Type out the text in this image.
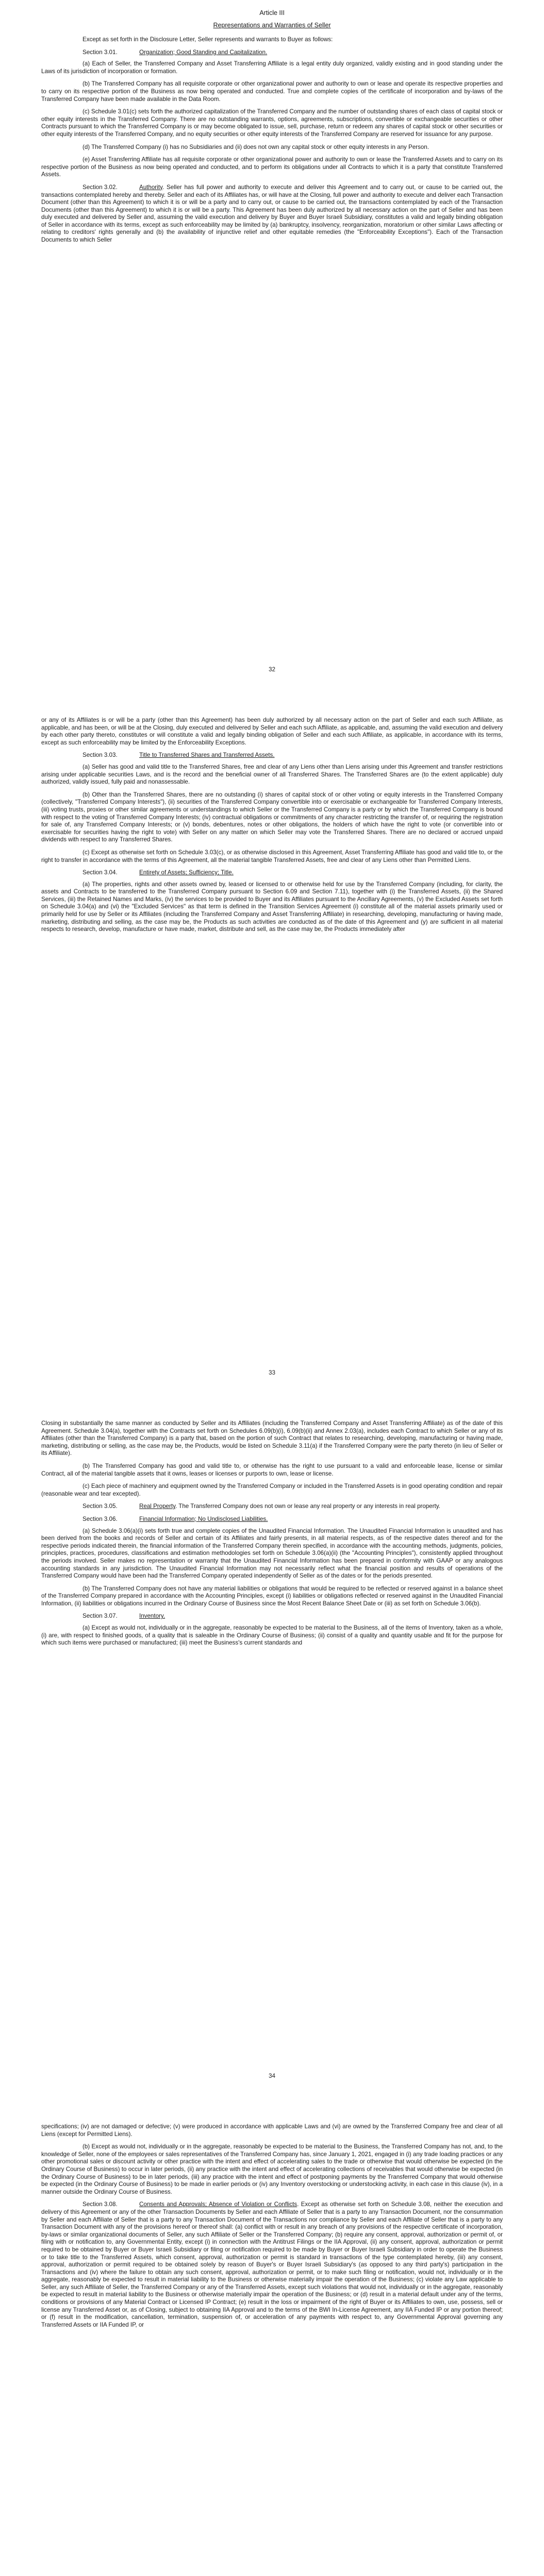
Article III
Representations and Warranties of Seller

Except as set forth in the Disclosure Letter, Seller represents and warrants to Buyer as follows:

Section 3.01.	Organization; Good Standing and Capitalization.

(a) Each of Seller, the Transferred Company and Asset Transferring Affiliate is a legal entity duly organized, validly existing and in good standing under the Laws of its jurisdiction of incorporation or formation.

(b) The Transferred Company has all requisite corporate or other organizational power and authority to own or lease and operate its respective properties and to carry on its respective portion of the Business as now being operated and conducted. True and complete copies of the certificate of incorporation and by-laws of the Transferred Company have been made available in the Data Room.

(c) Schedule 3.01(c) sets forth the authorized capitalization of the Transferred Company and the number of outstanding shares of each class of capital stock or other equity interests in the Transferred Company. There are no outstanding warrants, options, agreements, subscriptions, convertible or exchangeable securities or other Contracts pursuant to which the Transferred Company is or may become obligated to issue, sell, purchase, return or redeem any shares of capital stock or other securities or other equity interests of the Transferred Company, and no equity securities or other equity interests of the Transferred Company are reserved for issuance for any purpose.

(d) The Transferred Company (i) has no Subsidiaries and (ii) does not own any capital stock or other equity interests in any Person.

(e) Asset Transferring Affiliate has all requisite corporate or other organizational power and authority to own or lease the Transferred Assets and to carry on its respective portion of the Business as now being operated and conducted, and to perform its obligations under all Contracts to which it is a party that constitute Transferred Assets.

Section 3.02.	Authority. Seller has full power and authority to execute and deliver this Agreement and to carry out, or cause to be carried out, the transactions contemplated hereby and thereby. Seller and each of its Affiliates has, or will have at the Closing, full power and authority to execute and deliver each Transaction Document (other than this Agreement) to which it is or will be a party and to carry out, or cause to be carried out, the transactions contemplated by each of the Transaction Documents (other than this Agreement) to which it is or will be a party. This Agreement has been duly authorized by all necessary action on the part of Seller and has been duly executed and delivered by Seller and, assuming the valid execution and delivery by Buyer and Buyer Israeli Subsidiary, constitutes a valid and legally binding obligation of Seller in accordance with its terms, except as such enforceability may be limited by (a) bankruptcy, insolvency, reorganization, moratorium or other similar Laws affecting or relating to creditors' rights generally and (b) the availability of injunctive relief and other equitable remedies (the "Enforceability Exceptions"). Each of the Transaction Documents to which Seller

32

or any of its Affiliates is or will be a party (other than this Agreement) has been duly authorized by all necessary action on the part of Seller and each such Affiliate, as applicable, and has been, or will be at the Closing, duly executed and delivered by Seller and each such Affiliate, as applicable, and, assuming the valid execution and delivery by each other party thereto, constitutes or will constitute a valid and legally binding obligation of Seller and each such Affiliate, as applicable, in accordance with its terms, except as such enforceability may be limited by the Enforceability Exceptions.

Section 3.03.	Title to Transferred Shares and Transferred Assets.

(a) Seller has good and valid title to the Transferred Shares, free and clear of any Liens other than Liens arising under this Agreement and transfer restrictions arising under applicable securities Laws, and is the record and the beneficial owner of all Transferred Shares. The Transferred Shares are (to the extent applicable) duly authorized, validly issued, fully paid and nonassessable.

(b) Other than the Transferred Shares, there are no outstanding (i) shares of capital stock of or other voting or equity interests in the Transferred Company (collectively, "Transferred Company Interests"), (ii) securities of the Transferred Company convertible into or exercisable or exchangeable for Transferred Company Interests, (iii) voting trusts, proxies or other similar agreements or understandings to which Seller or the Transferred Company is a party or by which the Transferred Company is bound with respect to the voting of Transferred Company Interests; (iv) contractual obligations or commitments of any character restricting the transfer of, or requiring the registration for sale of, any Transferred Company Interests; or (v) bonds, debentures, notes or other obligations, the holders of which have the right to vote (or convertible into or exercisable for securities having the right to vote) with Seller on any matter on which Seller may vote the Transferred Shares. There are no declared or accrued unpaid dividends with respect to any Transferred Shares.

(c) Except as otherwise set forth on Schedule 3.03(c), or as otherwise disclosed in this Agreement, Asset Transferring Affiliate has good and valid title to, or the right to transfer in accordance with the terms of this Agreement, all the material tangible Transferred Assets, free and clear of any Liens other than Permitted Liens.

Section 3.04.	Entirety of Assets; Sufficiency; Title.

(a) The properties, rights and other assets owned by, leased or licensed to or otherwise held for use by the Transferred Company (including, for clarity, the assets and Contracts to be transferred to the Transferred Company pursuant to Section 6.09 and Section 7.11), together with (i) the Transferred Assets, (ii) the Shared Services, (iii) the Retained Names and Marks, (iv) the services to be provided to Buyer and its Affiliates pursuant to the Ancillary Agreements, (v) the Excluded Assets set forth on Schedule 3.04(a) and (vi) the "Excluded Services" as that term is defined in the Transition Services Agreement (i) constitute all of the material assets primarily used or primarily held for use by Seller or its Affiliates (including the Transferred Company and Asset Transferring Affiliate) in researching, developing, manufacturing or having made, marketing, distributing and selling, as the case may be, the Products as such activities are conducted as of the date of this Agreement and (y) are sufficient in all material respects to research, develop, manufacture or have made, market, distribute and sell, as the case may be, the Products immediately after

33

Closing in substantially the same manner as conducted by Seller and its Affiliates (including the Transferred Company and Asset Transferring Affiliate) as of the date of this Agreement. Schedule 3.04(a), together with the Contracts set forth on Schedules 6.09(b)(i), 6.09(b)(ii) and Annex 2.03(a), includes each Contract to which Seller or any of its Affiliates (other than the Transferred Company) is a party that, based on the portion of such Contract that relates to researching, developing, manufacturing or having made, marketing, distributing or selling, as the case may be, the Products, would be listed on Schedule 3.11(a) if the Transferred Company were the party thereto (in lieu of Seller or its Affiliate).

(b) The Transferred Company has good and valid title to, or otherwise has the right to use pursuant to a valid and enforceable lease, license or similar Contract, all of the material tangible assets that it owns, leases or licenses or purports to own, lease or license.

(c) Each piece of machinery and equipment owned by the Transferred Company or included in the Transferred Assets is in good operating condition and repair (reasonable wear and tear excepted).

Section 3.05.	Real Property. The Transferred Company does not own or lease any real property or any interests in real property.

Section 3.06.	Financial Information; No Undisclosed Liabilities.

(a) Schedule 3.06(a)(i) sets forth true and complete copies of the Unaudited Financial Information. The Unaudited Financial Information is unaudited and has been derived from the books and records of Seller and certain of its Affiliates and fairly presents, in all material respects, as of the respective dates thereof and for the respective periods indicated therein, the financial information of the Transferred Company therein specified, in accordance with the accounting methods, judgments, policies, principles, practices, procedures, classifications and estimation methodologies set forth on Schedule 3.06(a)(ii) (the "Accounting Principles"), consistently applied throughout the periods involved. Seller makes no representation or warranty that the Unaudited Financial Information has been prepared in conformity with GAAP or any analogous accounting standards in any jurisdiction. The Unaudited Financial Information may not necessarily reflect what the financial position and results of operations of the Transferred Company would have been had the Transferred Company operated independently of Seller as of the dates or for the periods presented.

(b) The Transferred Company does not have any material liabilities or obligations that would be required to be reflected or reserved against in a balance sheet of the Transferred Company prepared in accordance with the Accounting Principles, except (i) liabilities or obligations reflected or reserved against in the Unaudited Financial Information, (ii) liabilities or obligations incurred in the Ordinary Course of Business since the Most Recent Balance Sheet Date or (iii) as set forth on Schedule 3.06(b).

Section 3.07.	Inventory.

(a) Except as would not, individually or in the aggregate, reasonably be expected to be material to the Business, all of the items of Inventory, taken as a whole, (i) are, with respect to finished goods, of a quality that is saleable in the Ordinary Course of Business; (ii) consist of a quality and quantity usable and fit for the purpose for which such items were purchased or manufactured; (iii) meet the Business's current standards and

34

specifications; (iv) are not damaged or defective; (v) were produced in accordance with applicable Laws and (vi) are owned by the Transferred Company free and clear of all Liens (except for Permitted Liens).

(b) Except as would not, individually or in the aggregate, reasonably be expected to be material to the Business, the Transferred Company has not, and, to the knowledge of Seller, none of the employees or sales representatives of the Transferred Company has, since January 1, 2021, engaged in (i) any trade loading practices or any other promotional sales or discount activity or other practice with the intent and effect of accelerating sales to the trade or otherwise that would otherwise be expected (in the Ordinary Course of Business) to occur in later periods, (ii) any practice with the intent and effect of accelerating collections of receivables that would otherwise be expected (in the Ordinary Course of Business) to be in later periods, (iii) any practice with the intent and effect of postponing payments by the Transferred Company that would otherwise be expected (in the Ordinary Course of Business) to be made in earlier periods or (iv) any Inventory overstocking or understocking activity, in each case in this clause (iv), in a manner outside the Ordinary Course of Business.

Section 3.08.	Consents and Approvals; Absence of Violation or Conflicts. Except as otherwise set forth on Schedule 3.08, neither the execution and delivery of this Agreement or any of the other Transaction Documents by Seller and each Affiliate of Seller that is a party to any Transaction Document, nor the consummation by Seller and each Affiliate of Seller that is a party to any Transaction Document of the Transactions nor compliance by Seller and each Affiliate of Seller that is a party to any Transaction Document with any of the provisions hereof or thereof shall: (a) conflict with or result in any breach of any provisions of the respective certificate of incorporation, by-laws or similar organizational documents of Seller, any such Affiliate of Seller or the Transferred Company; (b) require any consent, approval, authorization or permit of, or filing with or notification to, any Governmental Entity, except (i) in connection with the Antitrust Filings or the IIA Approval, (ii) any consent, approval, authorization or permit required to be obtained by Buyer or Buyer Israeli Subsidiary or filing or notification required to be made by Buyer or Buyer Israeli Subsidiary in order to operate the Business or to take title to the Transferred Assets, which consent, approval, authorization or permit is standard in transactions of the type contemplated hereby, (iii) any consent, approval, authorization or permit required to be obtained solely by reason of Buyer's or Buyer Israeli Subsidiary's (as opposed to any third party's) participation in the Transactions and (iv) where the failure to obtain any such consent, approval, authorization or permit, or to make such filing or notification, would not, individually or in the aggregate, reasonably be expected to result in material liability to the Business or otherwise materially impair the operation of the Business; (c) violate any Law applicable to Seller, any such Affiliate of Seller, the Transferred Company or any of the Transferred Assets, except such violations that would not, individually or in the aggregate, reasonably be expected to result in material liability to the Business or otherwise materially impair the operation of the Business; or (d) result in a material default under any of the terms, conditions or provisions of any Material Contract or Licensed IP Contract; (e) result in the loss or impairment of the right of Buyer or its Affiliates to own, use, possess, sell or license any Transferred Asset or, as of Closing, subject to obtaining IIA Approval and to the terms of the BWI In-License Agreement, any IIA Funded IP or any portion thereof; or (f) result in the modification, cancellation, termination, suspension of, or acceleration of any payments with respect to, any Governmental Approval governing any Transferred Assets or IIA Funded IP, or
